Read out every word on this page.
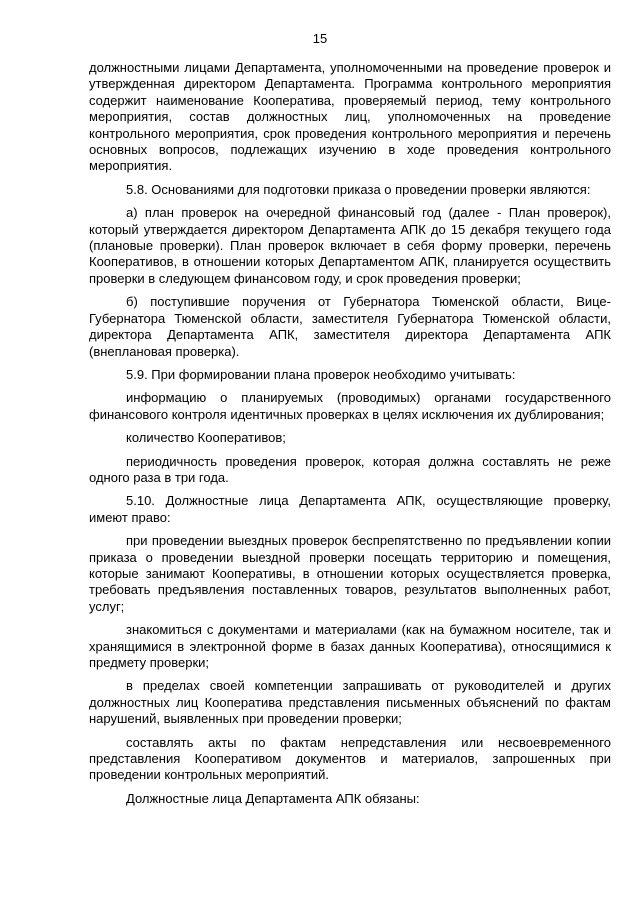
15

должностными лицами Департамента, уполномоченными на проведение проверок и утвержденная директором Департамента. Программа контрольного мероприятия содержит наименование Кооператива, проверяемый период, тему контрольного мероприятия, состав должностных лиц, уполномоченных на проведение контрольного мероприятия, срок проведения контрольного мероприятия и перечень основных вопросов, подлежащих изучению в ходе проведения контрольного мероприятия.

5.8. Основаниями для подготовки приказа о проведении проверки являются:

а) план проверок на очередной финансовый год (далее - План проверок), который утверждается директором Департамента АПК до 15 декабря текущего года (плановые проверки). План проверок включает в себя форму проверки, перечень Кооперативов, в отношении которых Департаментом АПК, планируется осуществить проверки в следующем финансовом году, и срок проведения проверки;

б) поступившие поручения от Губернатора Тюменской области, Вице-Губернатора Тюменской области, заместителя Губернатора Тюменской области, директора Департамента АПК, заместителя директора Департамента АПК (внеплановая проверка).

5.9. При формировании плана проверок необходимо учитывать:

информацию о планируемых (проводимых) органами государственного финансового контроля идентичных проверках в целях исключения их дублирования;

количество Кооперативов;

периодичность проведения проверок, которая должна составлять не реже одного раза в три года.

5.10. Должностные лица Департамента АПК, осуществляющие проверку, имеют право:

при проведении выездных проверок беспрепятственно по предъявлении копии приказа о проведении выездной проверки посещать территорию и помещения, которые занимают Кооперативы, в отношении которых осуществляется проверка, требовать предъявления поставленных товаров, результатов выполненных работ, услуг;

знакомиться с документами и материалами (как на бумажном носителе, так и хранящимися в электронной форме в базах данных Кооператива), относящимися к предмету проверки;

в пределах своей компетенции запрашивать от руководителей и других должностных лиц Кооператива представления письменных объяснений по фактам нарушений, выявленных при проведении проверки;

составлять акты по фактам непредставления или несвоевременного представления Кооперативом документов и материалов, запрошенных при проведении контрольных мероприятий.

Должностные лица Департамента АПК обязаны:
